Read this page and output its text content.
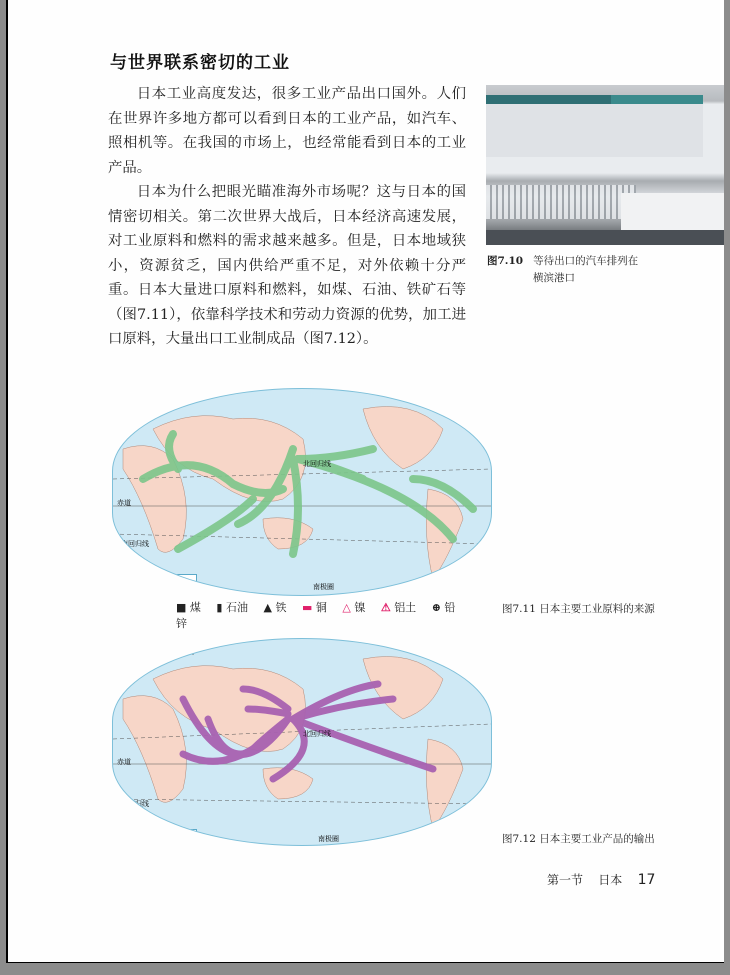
与世界联系密切的工业

日本工业高度发达，很多工业产品出口国外。人们在世界许多地方都可以看到日本的工业产品，如汽车、照相机等。在我国的市场上，也经常能看到日本的工业产品。

日本为什么把眼光瞄准海外市场呢？这与日本的国情密切相关。第二次世界大战后，日本经济高速发展，对工业原料和燃料的需求越来越多。但是，日本地域狭小，资源贫乏，国内供给严重不足，对外依赖十分严重。日本大量进口原料和燃料，如煤、石油、铁矿石等（图7.11），依靠科学技术和劳动力资源的优势，加工进口原料，大量出口工业制成品（图7.12）。

图7.10 等待出口的汽车排列在
横滨港口
— 国界
赤道
南回归线
北回归线
北极圈
南极圈
■ 煤 ▮ 石油 ▲ 铁 ▬ 铜 △ 镍 ⚠ 铝土 ⊕ 铅锌
图7.11 日本主要工业原料的来源
— 国界
赤道
南回归线
北回归线
北极圈
南极圈	图7.12 日本主要工业产品的输出
第一节 日本 17
